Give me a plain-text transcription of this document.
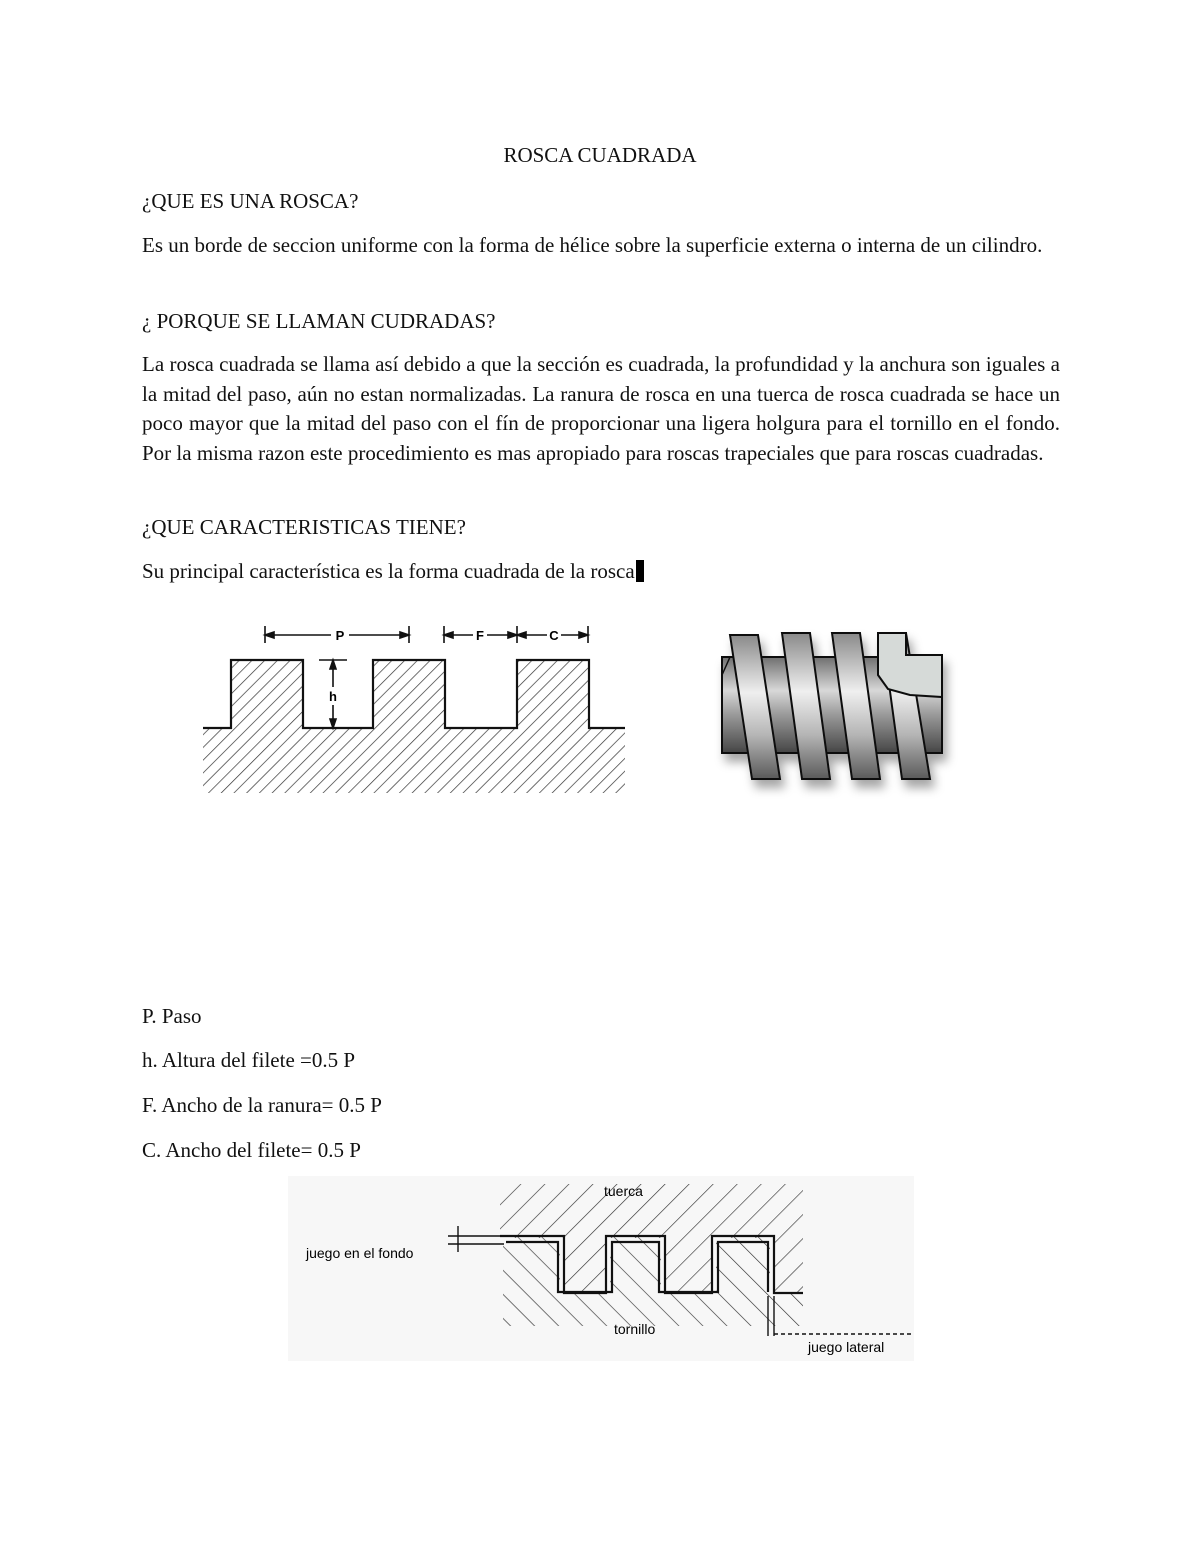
ROSCA CUADRADA

¿QUE ES UNA ROSCA?

Es un borde de seccion uniforme con la forma de hélice sobre la superficie externa o interna de un cilindro.

¿ PORQUE SE LLAMAN CUDRADAS?

La rosca cuadrada se llama así debido a que la sección es cuadrada, la profundidad y la anchura son iguales a la mitad del paso, aún no estan normalizadas. La ranura de rosca en una tuerca de rosca cuadrada se hace un poco mayor que la mitad del paso con el fín de proporcionar una ligera holgura para el tornillo en el fondo. Por la misma razon este procedimiento es mas apropiado para roscas trapeciales que para roscas cuadradas.

¿QUE CARACTERISTICAS TIENE?

Su principal característica es la forma cuadrada de la rosca

P	F	C
h

P. Paso

h. Altura del filete =0.5 P

F. Ancho de la ranura= 0.5 P

C. Ancho del filete= 0.5 P

juego en el fondo
tuerca
tornillo
juego lateral
